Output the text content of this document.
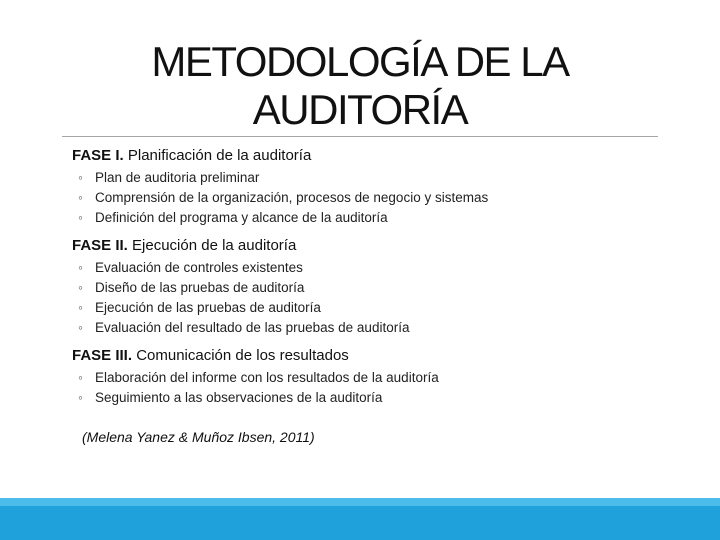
METODOLOGÍA DE LA AUDITORÍA
FASE I. Planificación de la auditoría
◦ Plan de auditoria preliminar
◦ Comprensión de la organización, procesos de negocio y sistemas
◦ Definición del programa y alcance de la auditoría
FASE II. Ejecución de la auditoría
◦ Evaluación de controles existentes
◦ Diseño de las pruebas de auditoría
◦ Ejecución de las pruebas de auditoría
◦ Evaluación del resultado de las pruebas de auditoría
FASE III. Comunicación de los resultados
◦ Elaboración del informe con los resultados de la auditoría
◦ Seguimiento a las observaciones de la auditoría
(Melena Yanez & Muñoz Ibsen, 2011)
